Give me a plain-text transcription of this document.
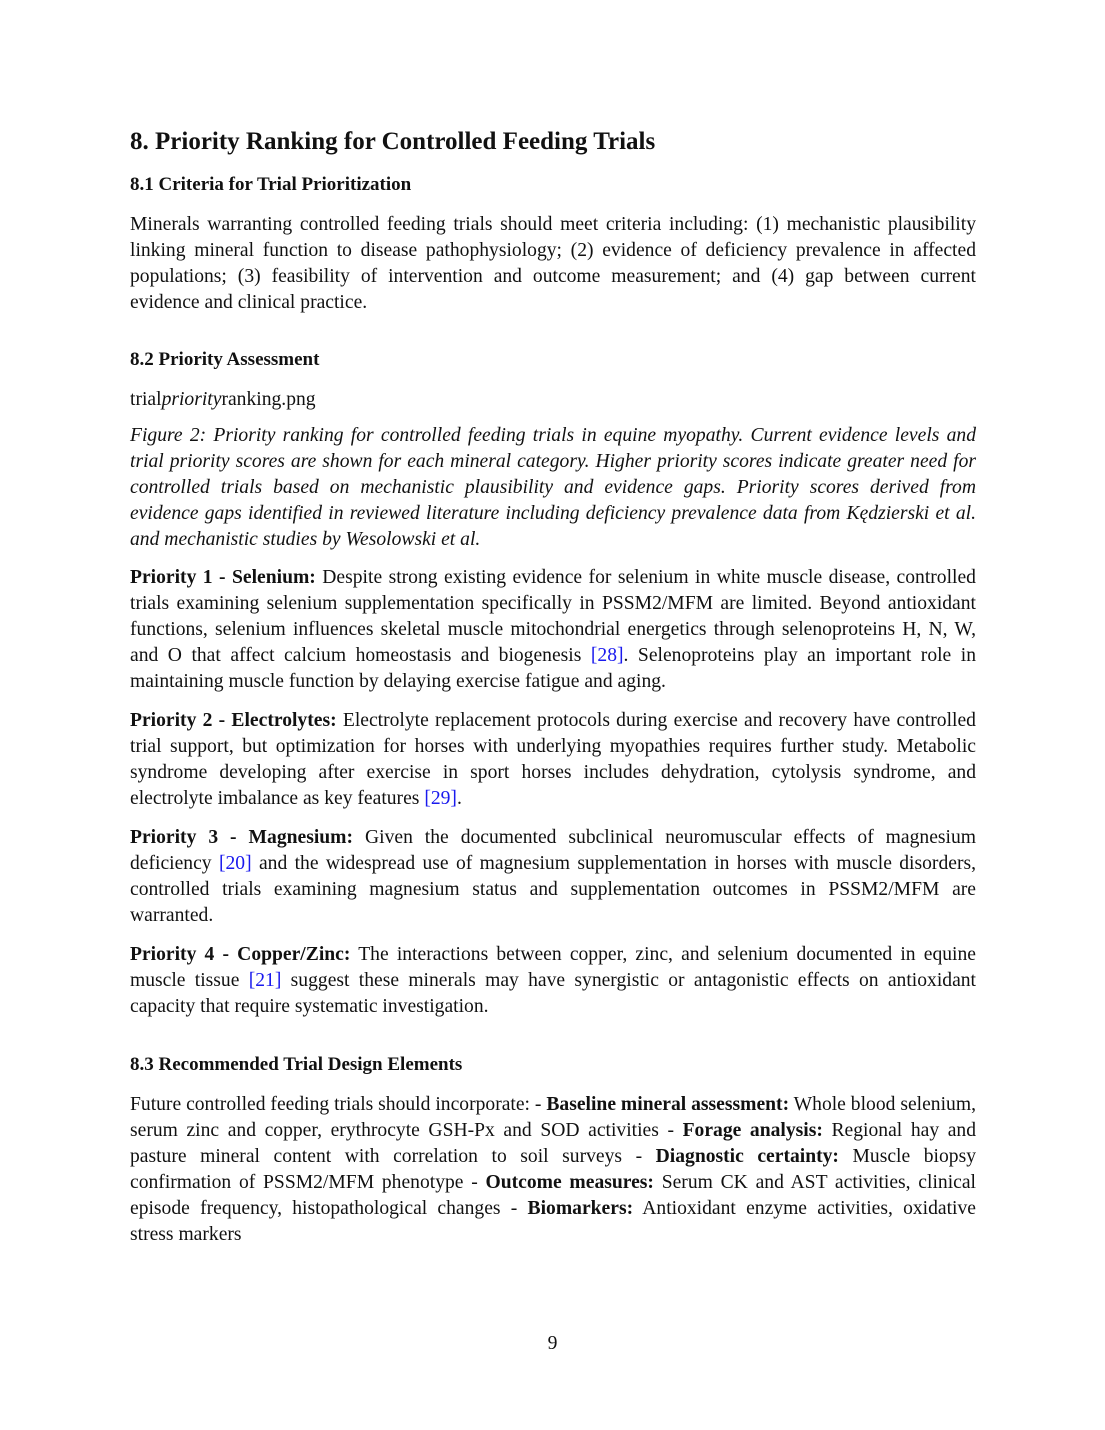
8. Priority Ranking for Controlled Feeding Trials
8.1 Criteria for Trial Prioritization

Minerals warranting controlled feeding trials should meet criteria including: (1) mechanistic plausibility linking mineral function to disease pathophysiology; (2) evidence of deficiency prevalence in affected populations; (3) feasibility of intervention and outcome measurement; and (4) gap between current evidence and clinical practice.

8.2 Priority Assessment

trialpriorityranking.png

Figure 2: Priority ranking for controlled feeding trials in equine myopathy. Current evidence levels and trial priority scores are shown for each mineral category. Higher priority scores indicate greater need for controlled trials based on mechanistic plausibility and evidence gaps. Priority scores derived from evidence gaps identified in reviewed literature including deficiency prevalence data from Kędzierski et al. and mechanistic studies by Wesolowski et al.

Priority 1 - Selenium: Despite strong existing evidence for selenium in white muscle disease, controlled trials examining selenium supplementation specifically in PSSM2/MFM are limited. Beyond antioxidant functions, selenium influences skeletal muscle mitochondrial energetics through selenoproteins H, N, W, and O that affect calcium homeostasis and biogenesis [28]. Selenoproteins play an important role in maintaining muscle function by delaying exercise fatigue and aging.

Priority 2 - Electrolytes: Electrolyte replacement protocols during exercise and recovery have controlled trial support, but optimization for horses with underlying myopathies requires further study. Metabolic syndrome developing after exercise in sport horses includes dehydration, cytolysis syndrome, and electrolyte imbalance as key features [29].

Priority 3 - Magnesium: Given the documented subclinical neuromuscular effects of magnesium deficiency [20] and the widespread use of magnesium supplementation in horses with muscle disorders, controlled trials examining magnesium status and supplementation outcomes in PSSM2/MFM are warranted.

Priority 4 - Copper/Zinc: The interactions between copper, zinc, and selenium documented in equine muscle tissue [21] suggest these minerals may have synergistic or antagonistic effects on antioxidant capacity that require systematic investigation.

8.3 Recommended Trial Design Elements

Future controlled feeding trials should incorporate: - Baseline mineral assessment: Whole blood selenium, serum zinc and copper, erythrocyte GSH-Px and SOD activities - Forage analysis: Regional hay and pasture mineral content with correlation to soil surveys - Diagnostic certainty: Muscle biopsy confirmation of PSSM2/MFM phenotype - Outcome measures: Serum CK and AST activities, clinical episode frequency, histopathological changes - Biomarkers: Antioxidant enzyme activities, oxidative stress markers

9
